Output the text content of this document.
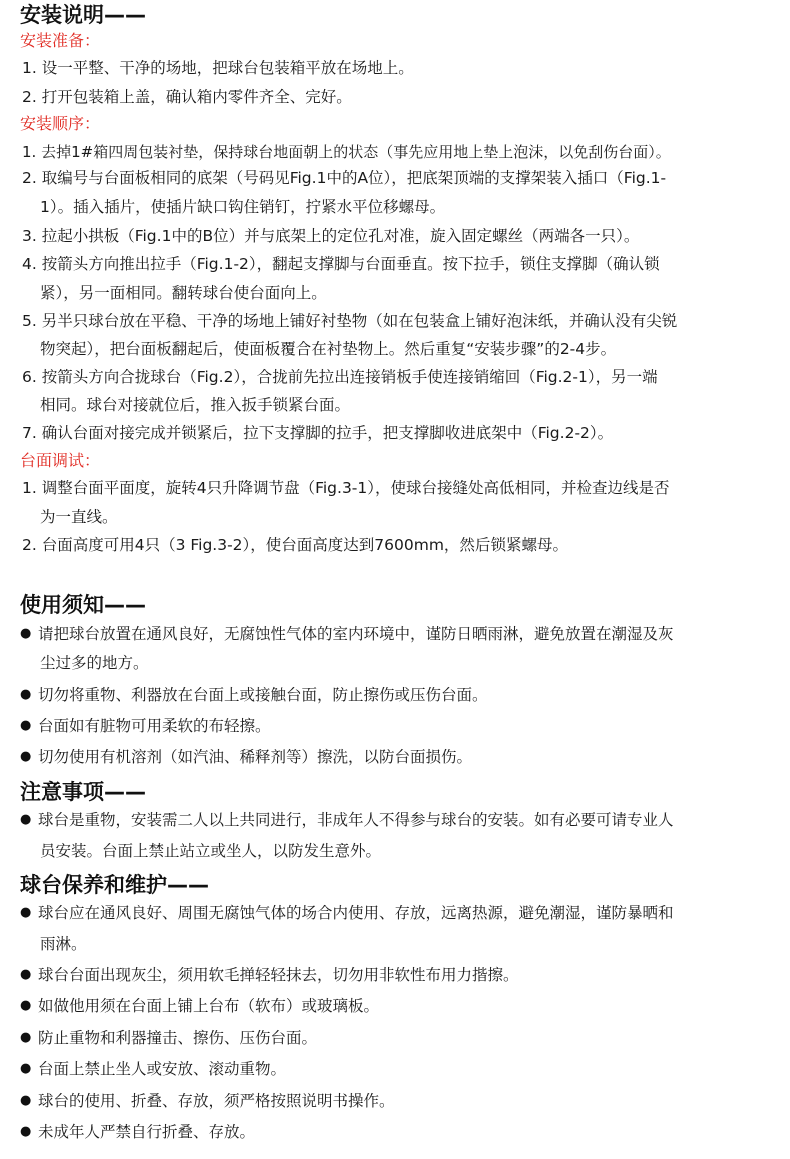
安装说明——
安装准备：
1. 设一平整、干净的场地，把球台包装箱平放在场地上。
2. 打开包装箱上盖，确认箱内零件齐全、完好。
安装顺序：
1. 去掉1#箱四周包装衬垫，保持球台地面朝上的状态（事先应用地上垫上泡沫，以免刮伤台面）。
2. 取编号与台面板相同的底架（号码见Fig.1中的A位），把底架顶端的支撑架装入插口（Fig.1-
1）。插入插片，使插片缺口钩住销钉，拧紧水平位移螺母。
3. 拉起小拱板（Fig.1中的B位）并与底架上的定位孔对准，旋入固定螺丝（两端各一只）。
4. 按箭头方向推出拉手（Fig.1-2），翻起支撑脚与台面垂直。按下拉手，锁住支撑脚（确认锁
紧），另一面相同。翻转球台使台面向上。
5. 另半只球台放在平稳、干净的场地上铺好衬垫物（如在包装盒上铺好泡沫纸，并确认没有尖锐
物突起），把台面板翻起后，使面板覆合在衬垫物上。然后重复“安装步骤”的2-4步。
6. 按箭头方向合拢球台（Fig.2），合拢前先拉出连接销板手使连接销缩回（Fig.2-1），另一端
相同。球台对接就位后，推入扳手锁紧台面。
7. 确认台面对接完成并锁紧后，拉下支撑脚的拉手，把支撑脚收进底架中（Fig.2-2）。
台面调试：
1. 调整台面平面度，旋转4只升降调节盘（Fig.3-1），使球台接缝处高低相同，并检查边线是否
为一直线。
2. 台面高度可用4只（3 Fig.3-2），使台面高度达到7600mm，然后锁紧螺母。
使用须知——
● 请把球台放置在通风良好，无腐蚀性气体的室内环境中，谨防日晒雨淋，避免放置在潮湿及灰
尘过多的地方。
● 切勿将重物、利器放在台面上或接触台面，防止擦伤或压伤台面。
● 台面如有脏物可用柔软的布轻擦。
● 切勿使用有机溶剂（如汽油、稀释剂等）擦洗，以防台面损伤。
注意事项——
● 球台是重物，安装需二人以上共同进行，非成年人不得参与球台的安装。如有必要可请专业人
员安装。台面上禁止站立或坐人，以防发生意外。
球台保养和维护——
● 球台应在通风良好、周围无腐蚀气体的场合内使用、存放，远离热源，避免潮湿，谨防暴晒和
雨淋。
● 球台台面出现灰尘，须用软毛掸轻轻抹去，切勿用非软性布用力揩擦。
● 如做他用须在台面上铺上台布（软布）或玻璃板。
● 防止重物和利器撞击、擦伤、压伤台面。
● 台面上禁止坐人或安放、滚动重物。
● 球台的使用、折叠、存放，须严格按照说明书操作。
● 未成年人严禁自行折叠、存放。
